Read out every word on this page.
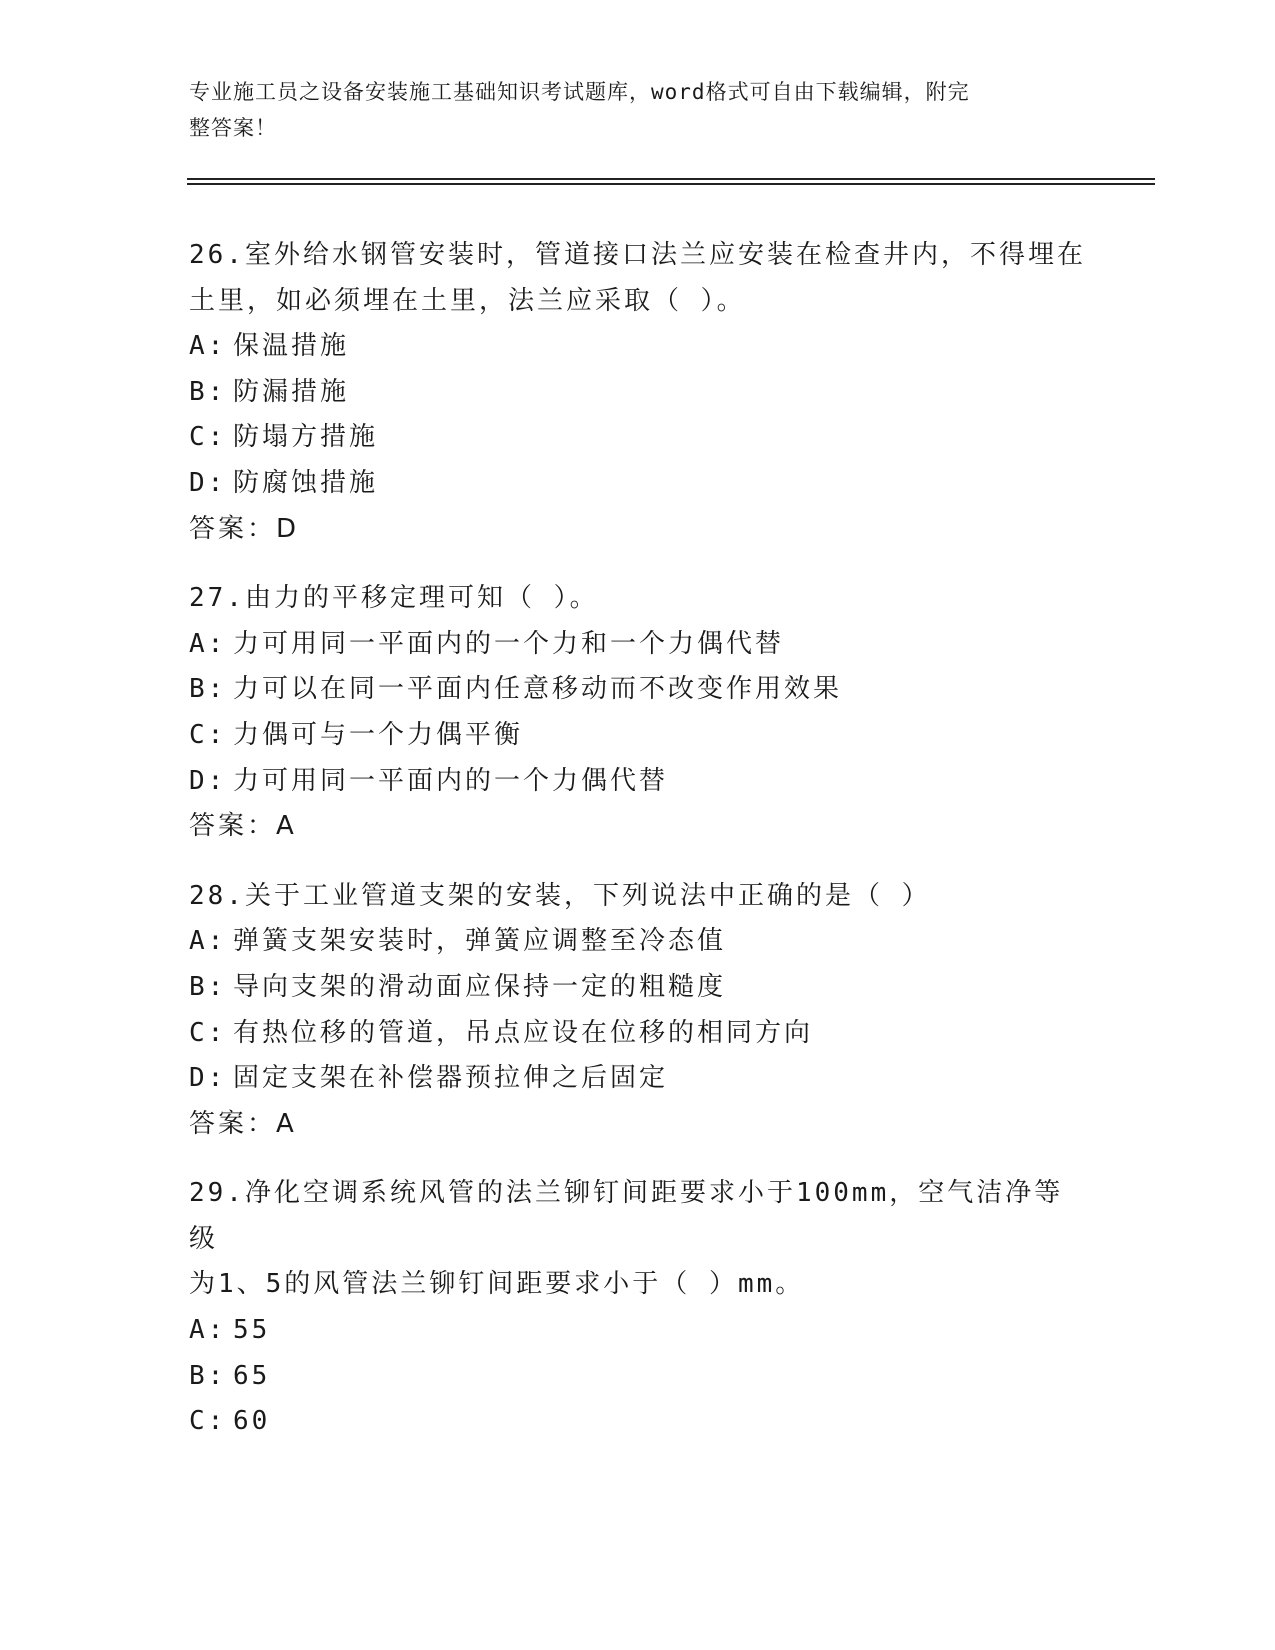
专业施工员之设备安装施工基础知识考试题库，word格式可自由下载编辑，附完
整答案！
26.室外给水钢管安装时，管道接口法兰应安装在检查井内，不得埋在
土里，如必须埋在土里，法兰应采取（ ）。
A: 保温措施
B: 防漏措施
C: 防塌方措施
D: 防腐蚀措施
答案：D
27.由力的平移定理可知（ ）。
A: 力可用同一平面内的一个力和一个力偶代替
B: 力可以在同一平面内任意移动而不改变作用效果
C: 力偶可与一个力偶平衡
D: 力可用同一平面内的一个力偶代替
答案：A
28.关于工业管道支架的安装，下列说法中正确的是（ ）
A: 弹簧支架安装时，弹簧应调整至冷态值
B: 导向支架的滑动面应保持一定的粗糙度
C: 有热位移的管道，吊点应设在位移的相同方向
D: 固定支架在补偿器预拉伸之后固定
答案：A
29.净化空调系统风管的法兰铆钉间距要求小于100mm，空气洁净等级
为1、5的风管法兰铆钉间距要求小于（ ）mm。
A: 55
B: 65
C: 60
